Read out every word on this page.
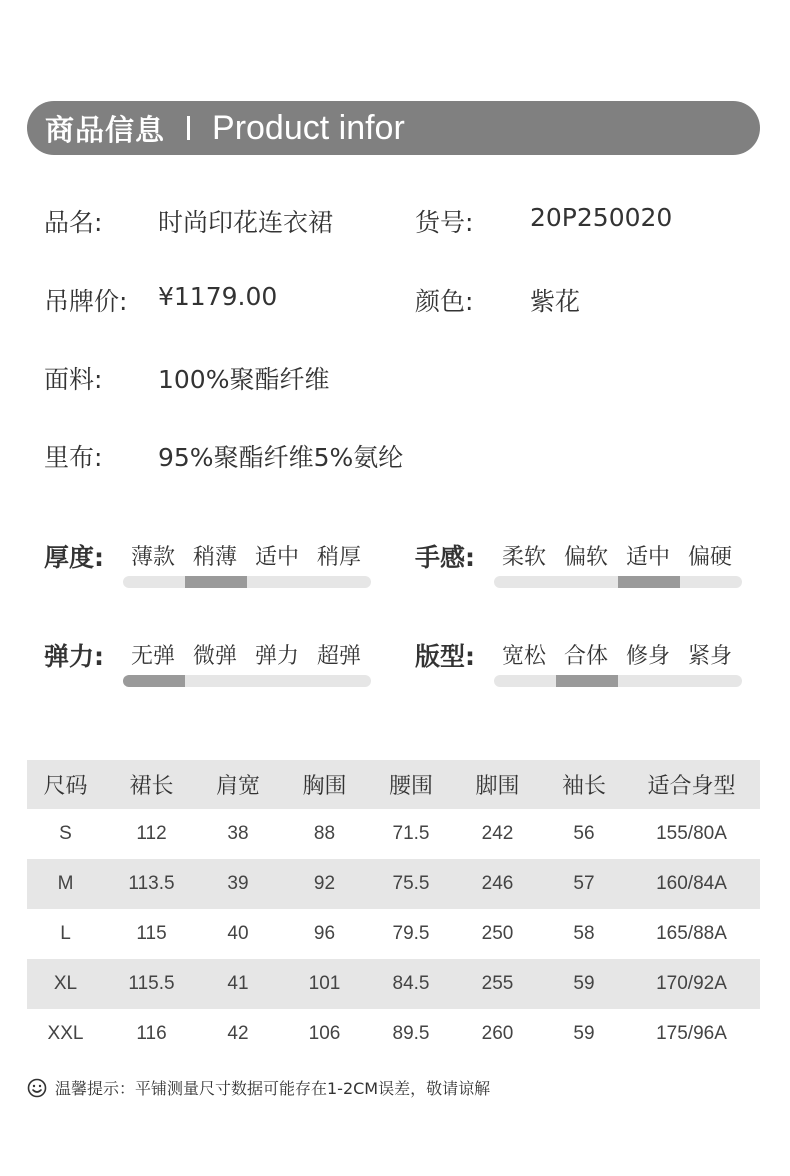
商品信息 Product infor
品名: 时尚印花连衣裙	货号: 20P250020
吊牌价: ¥1179.00	颜色: 紫花
面料: 100%聚酯纤维
里布: 95%聚酯纤维5%氨纶
厚度: 薄款 稍薄 适中 稍厚 手感: 柔软 偏软 适中 偏硬
弹力: 无弹 微弹 弹力 超弹 版型: 宽松 合体 修身 紧身
尺码	裙长	肩宽	胸围	腰围	脚围	袖长	适合身型
S	112	38	88	71.5	242	56	155/80A
M	113.5	39	92	75.5	246	57	160/84A
L	115	40	96	79.5	250	58	165/88A
XL	115.5	41	101	84.5	255	59	170/92A
XXL	116	42	106	89.5	260	59	175/96A
温馨提示：平铺测量尺寸数据可能存在1-2CM误差，敬请谅解
